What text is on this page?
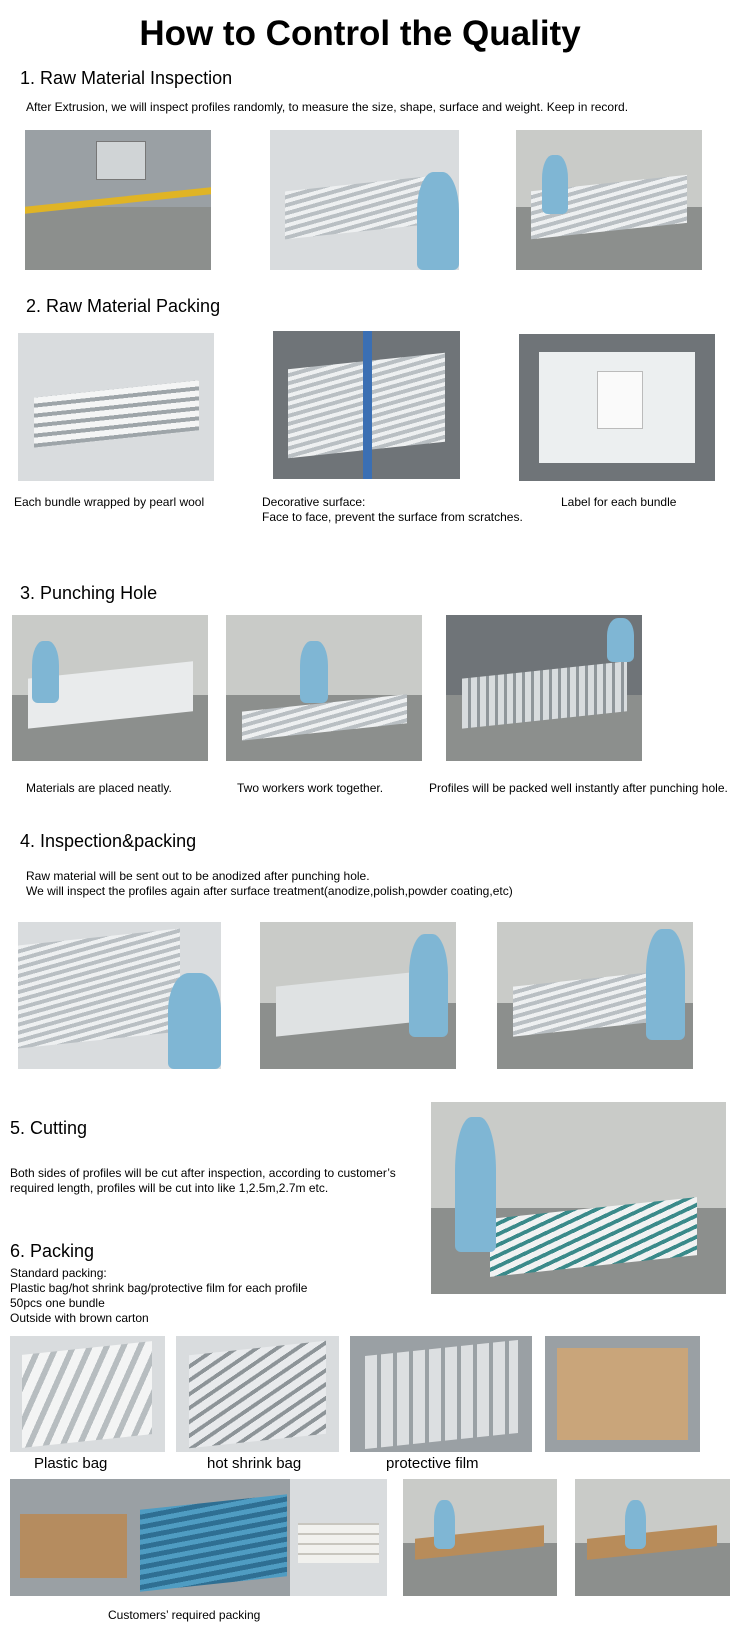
How to Control the Quality
1. Raw Material Inspection
After Extrusion, we will inspect profiles randomly, to measure the size, shape, surface and weight. Keep in record.
2. Raw Material Packing
Each bundle wrapped by pearl wool	Decorative surface:
Face to face, prevent the surface from scratches.
Label for each bundle
3. Punching Hole
Materials are placed neatly.	Two workers work together.	Profiles will be packed well instantly after punching hole.
4. Inspection&packing
Raw material will be sent out to be anodized after punching hole.
We will inspect the profiles again after surface treatment(anodize,polish,powder coating,etc)
5. Cutting
Both sides of profiles will be cut after inspection, according to customer’s
required length, profiles will be cut into like 1,2.5m,2.7m etc.
6. Packing
Standard packing:
Plastic bag/hot shrink bag/protective film for each profile
50pcs one bundle
Outside with brown carton
Plastic bag	hot shrink bag	protective film
Customers’ required packing
